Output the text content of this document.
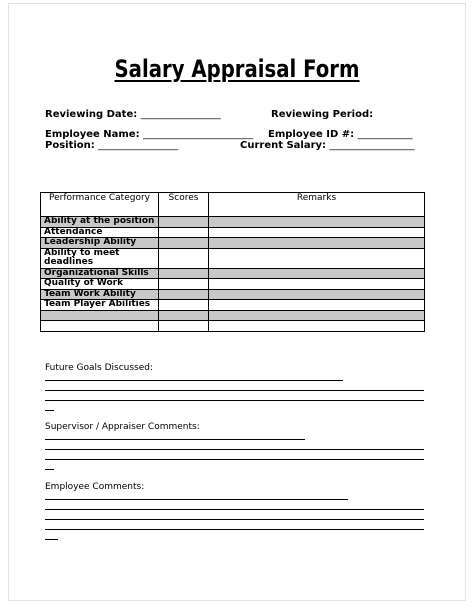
Salary Appraisal Form
Reviewing Date: ________________	Reviewing Period:
Employee Name: ______________________ Employee ID #: ___________
Position: ________________	Current Salary: _________________
Performance Category	Scores	Remarks
Ability at the position		
Attendance		
Leadership Ability		
Ability to meet deadlines		
Organizational Skills		
Quality of Work		
Team Work Ability		
Team Player Abilities		

Future Goals Discussed:
Supervisor / Appraiser Comments:
Employee Comments:
